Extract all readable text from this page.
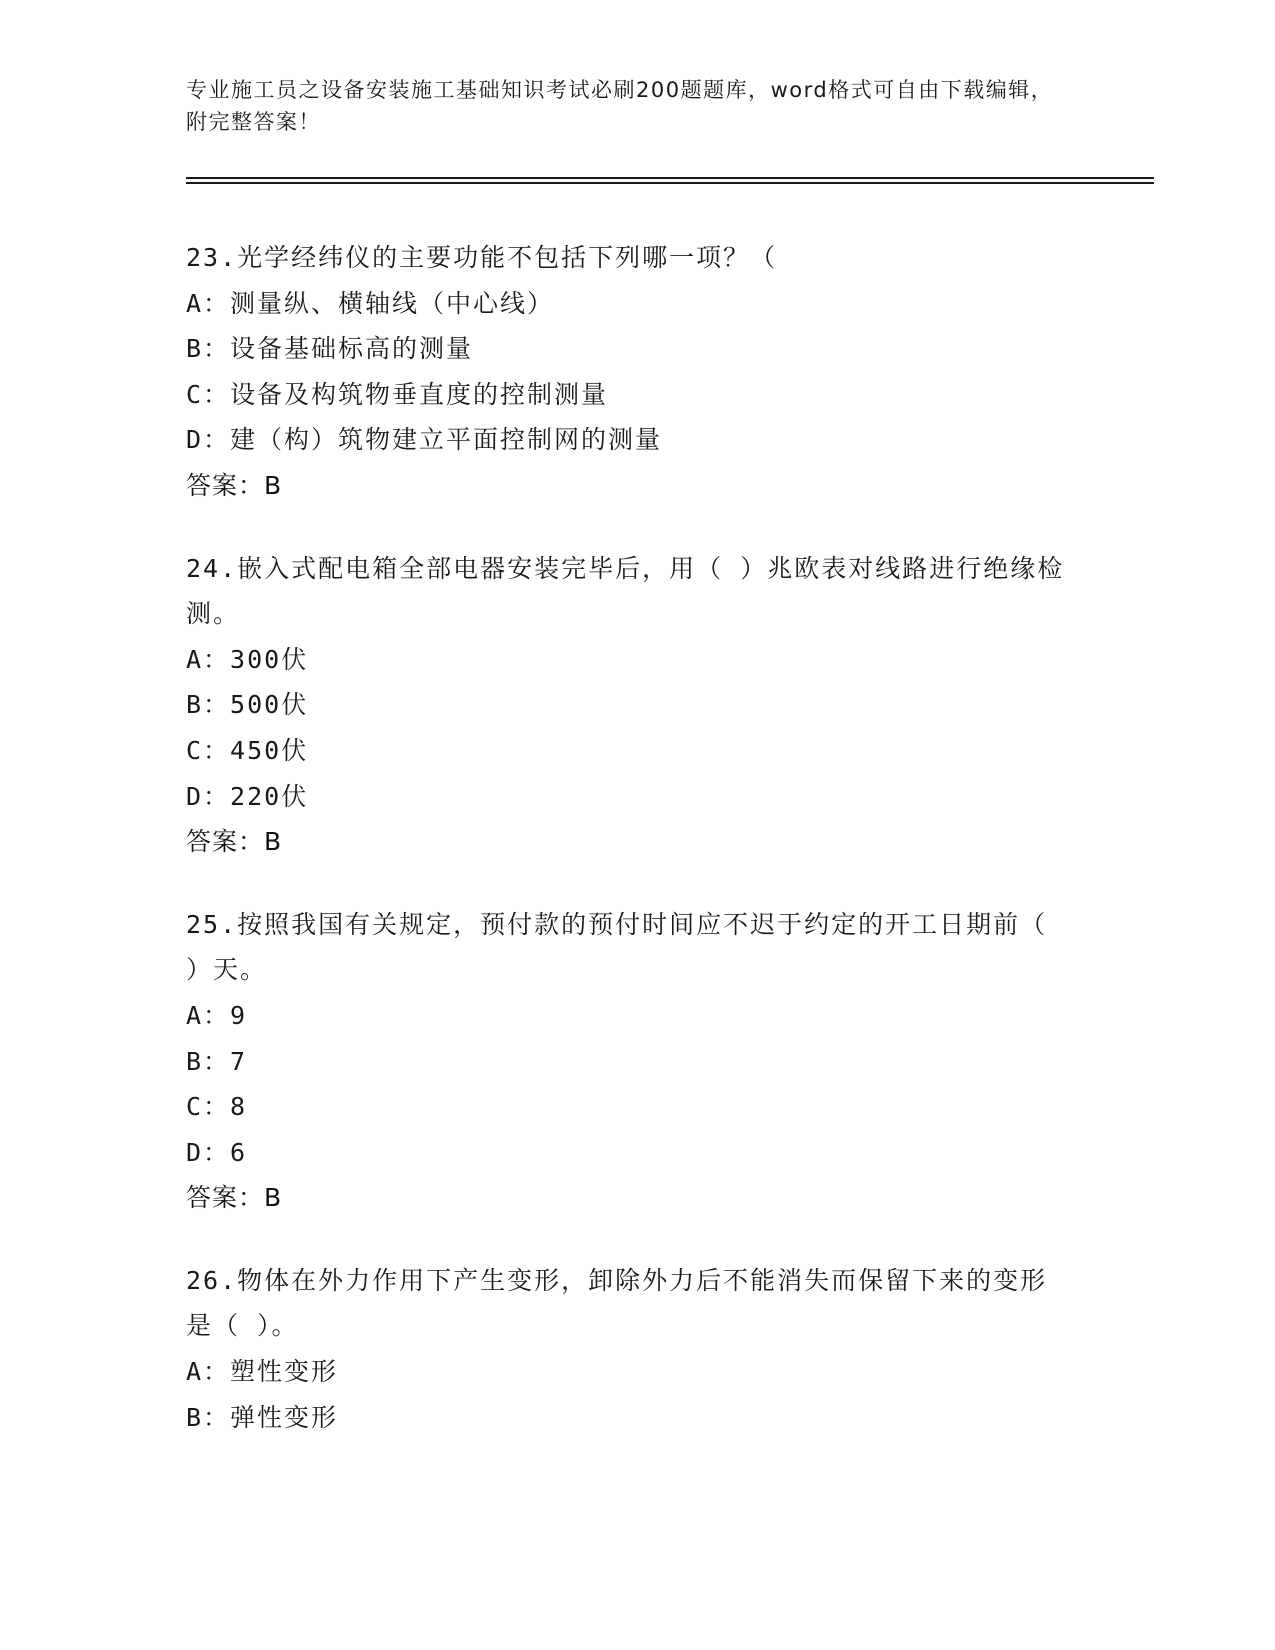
专业施工员之设备安装施工基础知识考试必刷200题题库，word格式可自由下载编辑，附完整答案！
23.光学经纬仪的主要功能不包括下列哪一项？（
A：测量纵、横轴线（中心线）
B：设备基础标高的测量
C：设备及构筑物垂直度的控制测量
D：建（构）筑物建立平面控制网的测量
答案：B
24.嵌入式配电箱全部电器安装完毕后，用（ ）兆欧表对线路进行绝缘检测。
A：300伏
B：500伏
C：450伏
D：220伏
答案：B
25.按照我国有关规定，预付款的预付时间应不迟于约定的开工日期前（ ）天。
A：9
B：7
C：8
D：6
答案：B
26.物体在外力作用下产生变形，卸除外力后不能消失而保留下来的变形是（ ）。
A：塑性变形
B：弹性变形
